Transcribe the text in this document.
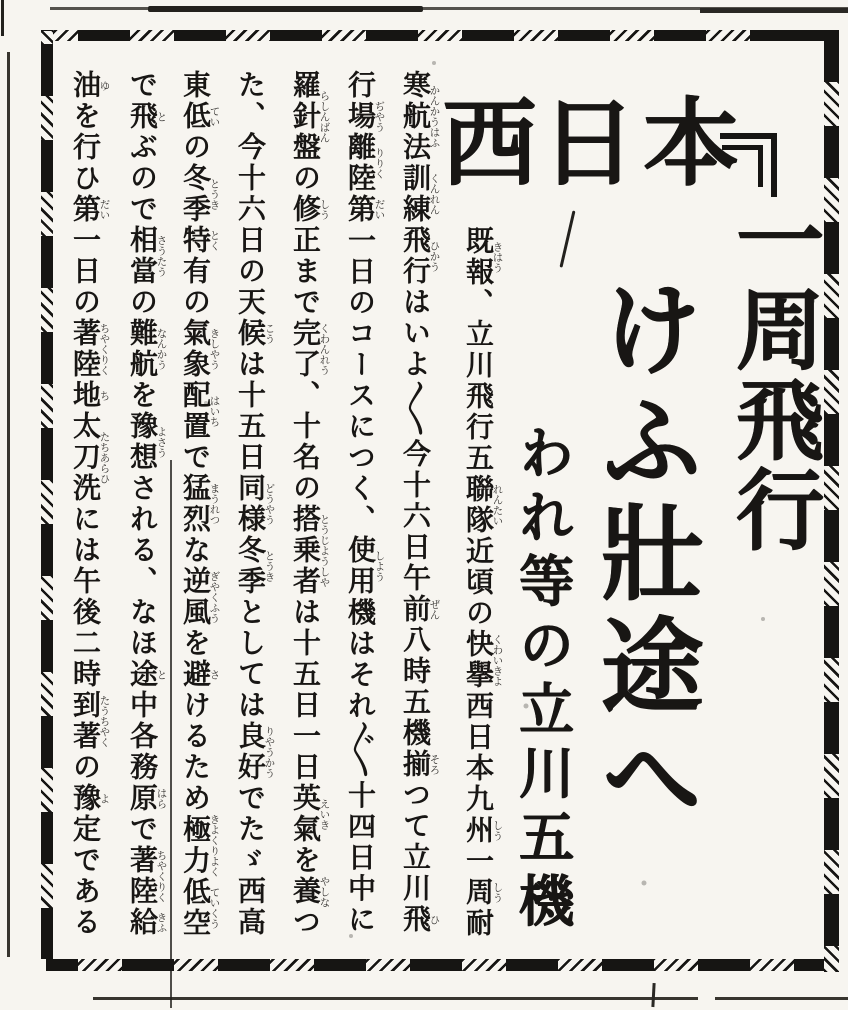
一周飛行
西 日 本
けふ壯途へ
われ等の立川五機
既報きはう、立川飛行五聯隊れんたい近頃の快擧くわいきよ西日本九州しう一周しう耐
寒航法かんかうはふ訓練くんれん飛行ひかうはいよ〱今十六日午前ぜん八時五機揃そろつて立川飛ひ
行場ぢやう離陸りりく第だい一日のコースにつく、使用しよう機はそれ〲十四日中に
羅針盤らしんばんの修しう正まで完了くわんれう、十名の搭乗者とうじようしやは十五日一日英氣えいきを養やしなつ
た、今十六日の天候こうは十五日同様どうやう冬季とうきとしては良好りやうかうでたゞ西高
東低ていの冬季とうき特とく有の氣象きしやう配置はいちで猛烈まうれつな逆風ぎやくふうを避さけるため極力きよくりよく低空ていくう
で飛とぶので相當さうたうの難航なんかうを豫想よさうされる、なほ途と中各務原はらで著陸ちやくりく給きふ
油ゆを行ひ第だい一日の著陸ちやくりく地ち太刀洗たちあらひには午後二時到著たうちやくの豫よ定である
